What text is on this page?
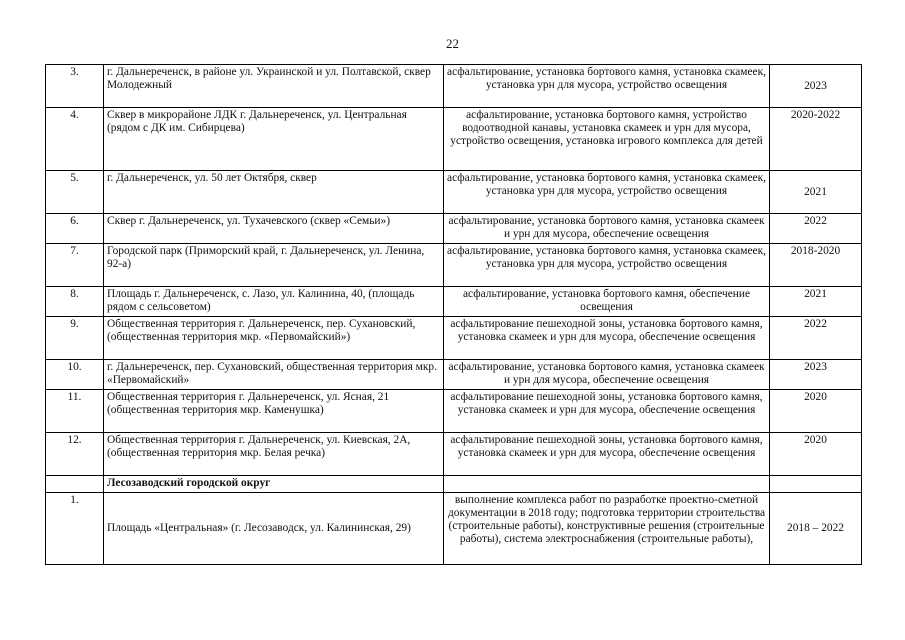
22
3.	г. Дальнереченск, в районе ул. Украинской и ул. Полтавской, сквер Молодежный	асфальтирование, установка бортового камня, установка скамеек, установка урн для мусора, устройство освещения	2023
4.	Сквер в микрорайоне ЛДК г. Дальнереченск, ул. Центральная (рядом с ДК им. Сибирцева)	асфальтирование, установка бортового камня, устройство водоотводной канавы, установка скамеек и урн для мусора, устройство освещения, установка игрового комплекса для детей	2020-2022
5.	г. Дальнереченск, ул. 50 лет Октября, сквер	асфальтирование, установка бортового камня, установка скамеек, установка урн для мусора, устройство освещения	2021
6.	Сквер г. Дальнереченск, ул. Тухачевского (сквер «Семьи»)	асфальтирование, установка бортового камня, установка скамеек и урн для мусора, обеспечение освещения	2022
7.	Городской парк (Приморский край, г. Дальнереченск, ул. Ленина, 92-а)	асфальтирование, установка бортового камня, установка скамеек, установка урн для мусора, устройство освещения	2018-2020
8.	Площадь г. Дальнереченск, с. Лазо, ул. Калинина, 40, (площадь рядом с сельсоветом)	асфальтирование, установка бортового камня, обеспечение освещения	2021
9.	Общественная территория г. Дальнереченск, пер. Сухановский, (общественная территория мкр. «Первомайский»)	асфальтирование пешеходной зоны, установка бортового камня, установка скамеек и урн для мусора, обеспечение освещения	2022
10.	г. Дальнереченск, пер. Сухановский, общественная территория мкр. «Первомайский»	асфальтирование, установка бортового камня, установка скамеек и урн для мусора, обеспечение освещения	2023
11.	Общественная территория г. Дальнереченск, ул. Ясная, 21 (общественная территория мкр. Каменушка)	асфальтирование пешеходной зоны, установка бортового камня, установка скамеек и урн для мусора, обеспечение освещения	2020
12.	Общественная территория г. Дальнереченск, ул. Киевская, 2А, (общественная территория мкр. Белая речка)	асфальтирование пешеходной зоны, установка бортового камня, установка скамеек и урн для мусора, обеспечение освещения	2020
	Лесозаводский городской округ		
1.	Площадь «Центральная» (г. Лесозаводск, ул. Калининская, 29)	выполнение комплекса работ по разработке проектно-сметной документации в 2018 году; подготовка территории строительства (строительные работы), конструктивные решения (строительные работы), система электроснабжения (строительные работы),	2018 – 2022
